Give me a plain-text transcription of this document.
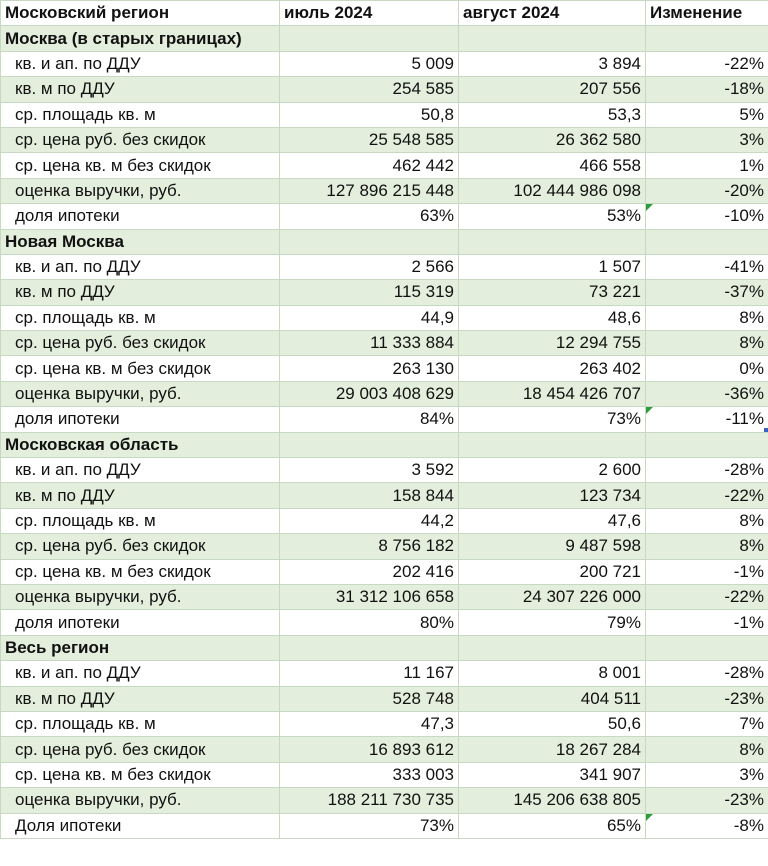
Московский регион	июль 2024	август 2024	Изменение
Москва (в старых границах)			
кв. и ап. по ДДУ	5 009	3 894	-22%
кв. м по ДДУ	254 585	207 556	-18%
ср. площадь кв. м	50,8	53,3	5%
ср. цена руб. без скидок	25 548 585	26 362 580	3%
ср. цена кв. м без скидок	462 442	466 558	1%
оценка выручки, руб.	127 896 215 448	102 444 986 098	-20%
доля ипотеки	63%	53%	-10%

Новая Москва			
кв. и ап. по ДДУ	2 566	1 507	-41%
кв. м по ДДУ	115 319	73 221	-37%
ср. площадь кв. м	44,9	48,6	8%
ср. цена руб. без скидок	11 333 884	12 294 755	8%
ср. цена кв. м без скидок	263 130	263 402	0%
оценка выручки, руб.	29 003 408 629	18 454 426 707	-36%
доля ипотеки	84%	73%	-11%

Московская область			
кв. и ап. по ДДУ	3 592	2 600	-28%
кв. м по ДДУ	158 844	123 734	-22%
ср. площадь кв. м	44,2	47,6	8%
ср. цена руб. без скидок	8 756 182	9 487 598	8%
ср. цена кв. м без скидок	202 416	200 721	-1%
оценка выручки, руб.	31 312 106 658	24 307 226 000	-22%
доля ипотеки	80%	79%	-1%
Весь регион			
кв. и ап. по ДДУ	11 167	8 001	-28%
кв. м по ДДУ	528 748	404 511	-23%
ср. площадь кв. м	47,3	50,6	7%
ср. цена руб. без скидок	16 893 612	18 267 284	8%
ср. цена кв. м без скидок	333 003	341 907	3%
оценка выручки, руб.	188 211 730 735	145 206 638 805	-23%
Доля ипотеки	73%	65%	-8%
